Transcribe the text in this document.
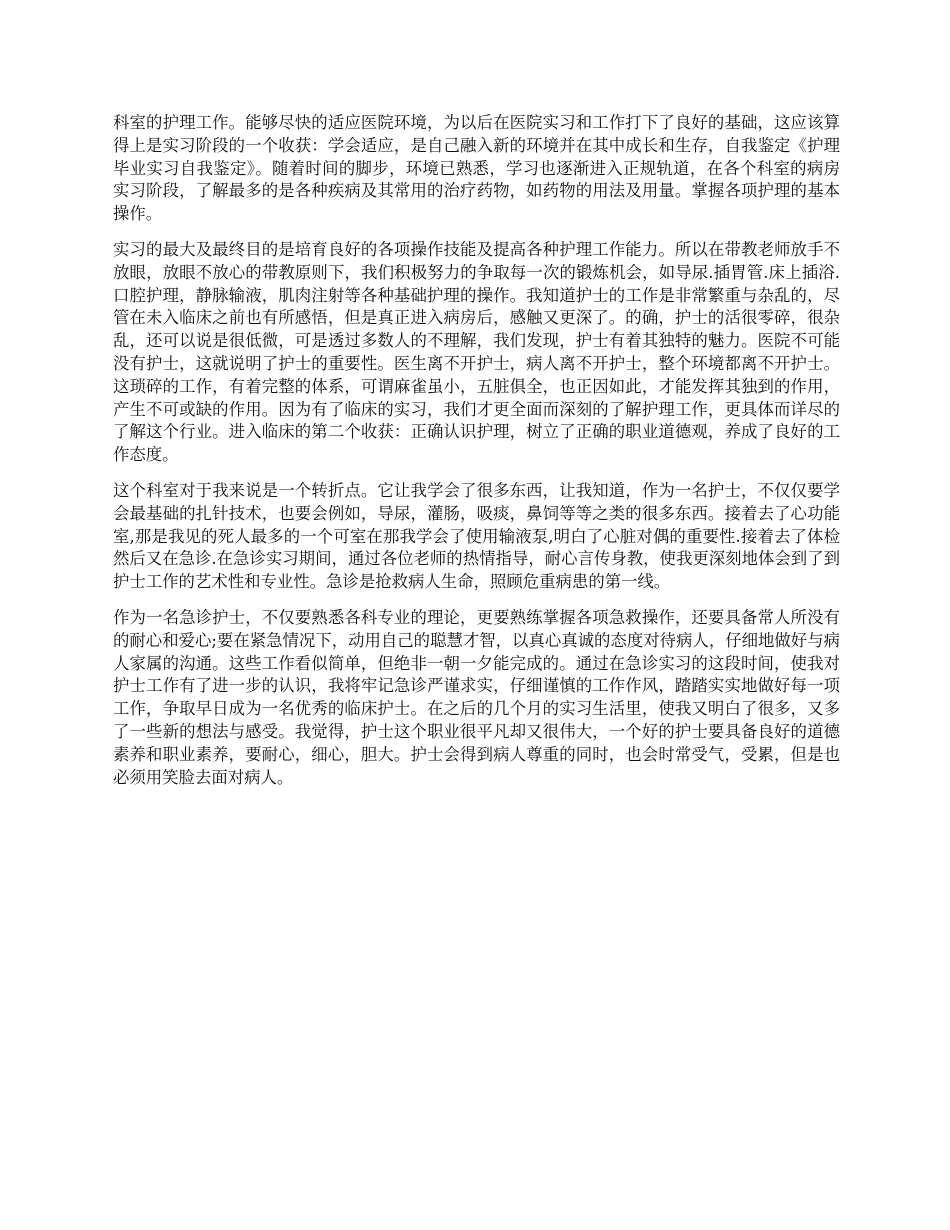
科室的护理工作。能够尽快的适应医院环境，为以后在医院实习和工作打下了良好的基础，这应该算得上是实习阶段的一个收获：学会适应，是自己融入新的环境并在其中成长和生存，自我鉴定《护理毕业实习自我鉴定》。随着时间的脚步，环境已熟悉，学习也逐渐进入正规轨道，在各个科室的病房实习阶段，了解最多的是各种疾病及其常用的治疗药物，如药物的用法及用量。掌握各项护理的基本操作。

实习的最大及最终目的是培育良好的各项操作技能及提高各种护理工作能力。所以在带教老师放手不放眼，放眼不放心的带教原则下，我们积极努力的争取每一次的锻炼机会，如导尿.插胃管.床上插浴.口腔护理，静脉输液，肌肉注射等各种基础护理的操作。我知道护士的工作是非常繁重与杂乱的，尽管在未入临床之前也有所感悟，但是真正进入病房后，感触又更深了。的确，护士的活很零碎，很杂乱，还可以说是很低微，可是透过多数人的不理解，我们发现，护士有着其独特的魅力。医院不可能没有护士，这就说明了护士的重要性。医生离不开护士，病人离不开护士，整个环境都离不开护士。这琐碎的工作，有着完整的体系，可谓麻雀虽小，五脏俱全，也正因如此，才能发挥其独到的作用，产生不可或缺的作用。因为有了临床的实习，我们才更全面而深刻的了解护理工作，更具体而详尽的了解这个行业。进入临床的第二个收获：正确认识护理，树立了正确的职业道德观，养成了良好的工作态度。

这个科室对于我来说是一个转折点。它让我学会了很多东西，让我知道，作为一名护士，不仅仅要学会最基础的扎针技术，也要会例如，导尿，灌肠，吸痰，鼻饲等等之类的很多东西。接着去了心功能室,那是我见的死人最多的一个可室在那我学会了使用输液泵,明白了心脏对偶的重要性.接着去了体检然后又在急诊.在急诊实习期间，通过各位老师的热情指导，耐心言传身教，使我更深刻地体会到了到护士工作的艺术性和专业性。急诊是抢救病人生命，照顾危重病患的第一线。

作为一名急诊护士，不仅要熟悉各科专业的理论，更要熟练掌握各项急救操作，还要具备常人所没有的耐心和爱心;要在紧急情况下，动用自己的聪慧才智，以真心真诚的态度对待病人，仔细地做好与病人家属的沟通。这些工作看似简单，但绝非一朝一夕能完成的。通过在急诊实习的这段时间，使我对护士工作有了进一步的认识，我将牢记急诊严谨求实，仔细谨慎的工作作风，踏踏实实地做好每一项工作，争取早日成为一名优秀的临床护士。在之后的几个月的实习生活里，使我又明白了很多，又多了一些新的想法与感受。我觉得，护士这个职业很平凡却又很伟大，一个好的护士要具备良好的道德素养和职业素养，要耐心，细心，胆大。护士会得到病人尊重的同时，也会时常受气，受累，但是也必须用笑脸去面对病人。
